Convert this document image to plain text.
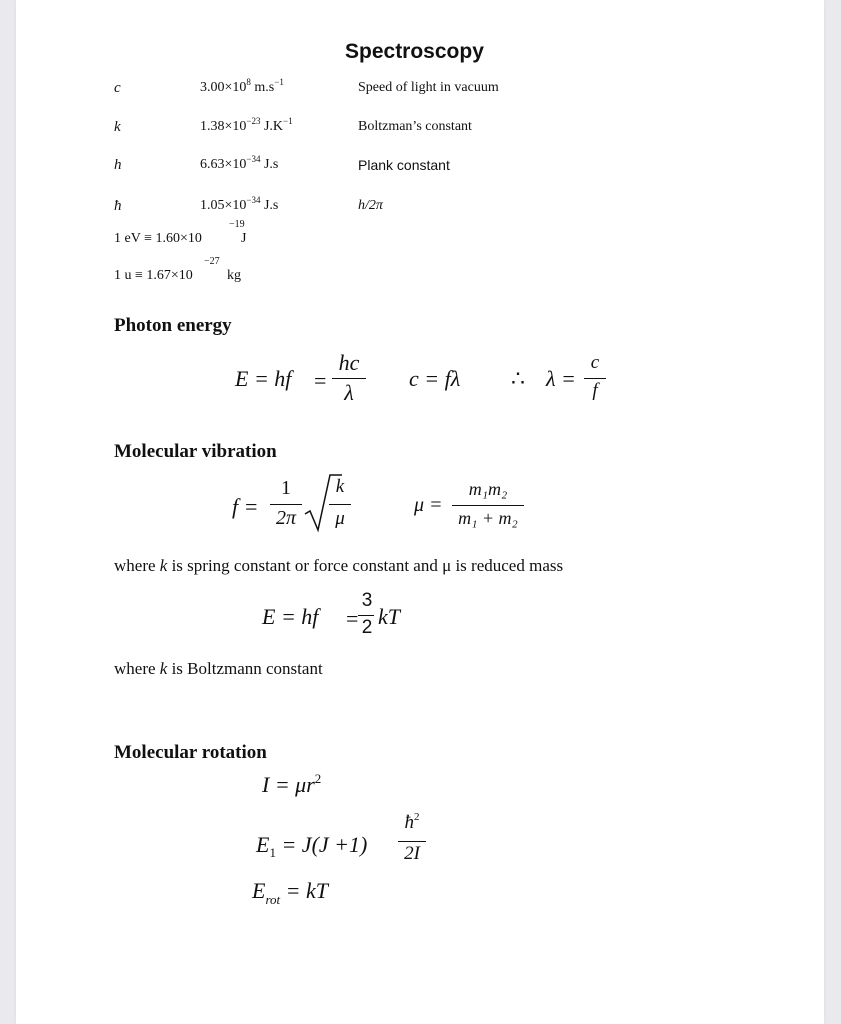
Spectroscopy
c	$3.00\times 10^8$ $m.s^{-1}$	Speed of light in vacuum
k	$1.38\times 10^{-23}$ $J.K^{-1}$	Boltzman’s constant
h	$6.63\times 10^{-34}$ J.s	Plank constant
ħ	$1.05\times 10^{-34}$ J.s	h/2π
−19
1 eV ≡ 1.60×10	J
−27
1 u ≡ 1.67×10 kg
Photon energy
E = hf =
hc
λ
c = fλ ∴ λ =
c
f
Molecular vibration
f =
1
2π
k
μ
μ =
m₁m₂
m₁ + m₂
where k is spring constant or force constant and μ is reduced mass
E = hf =
3
2 kT
where k is Boltzmann constant
Molecular rotation
$I = \mu r^2$
$E_1 = J(J +1)$
$ħ^2$
2I
$E_{rot}$ = kT
